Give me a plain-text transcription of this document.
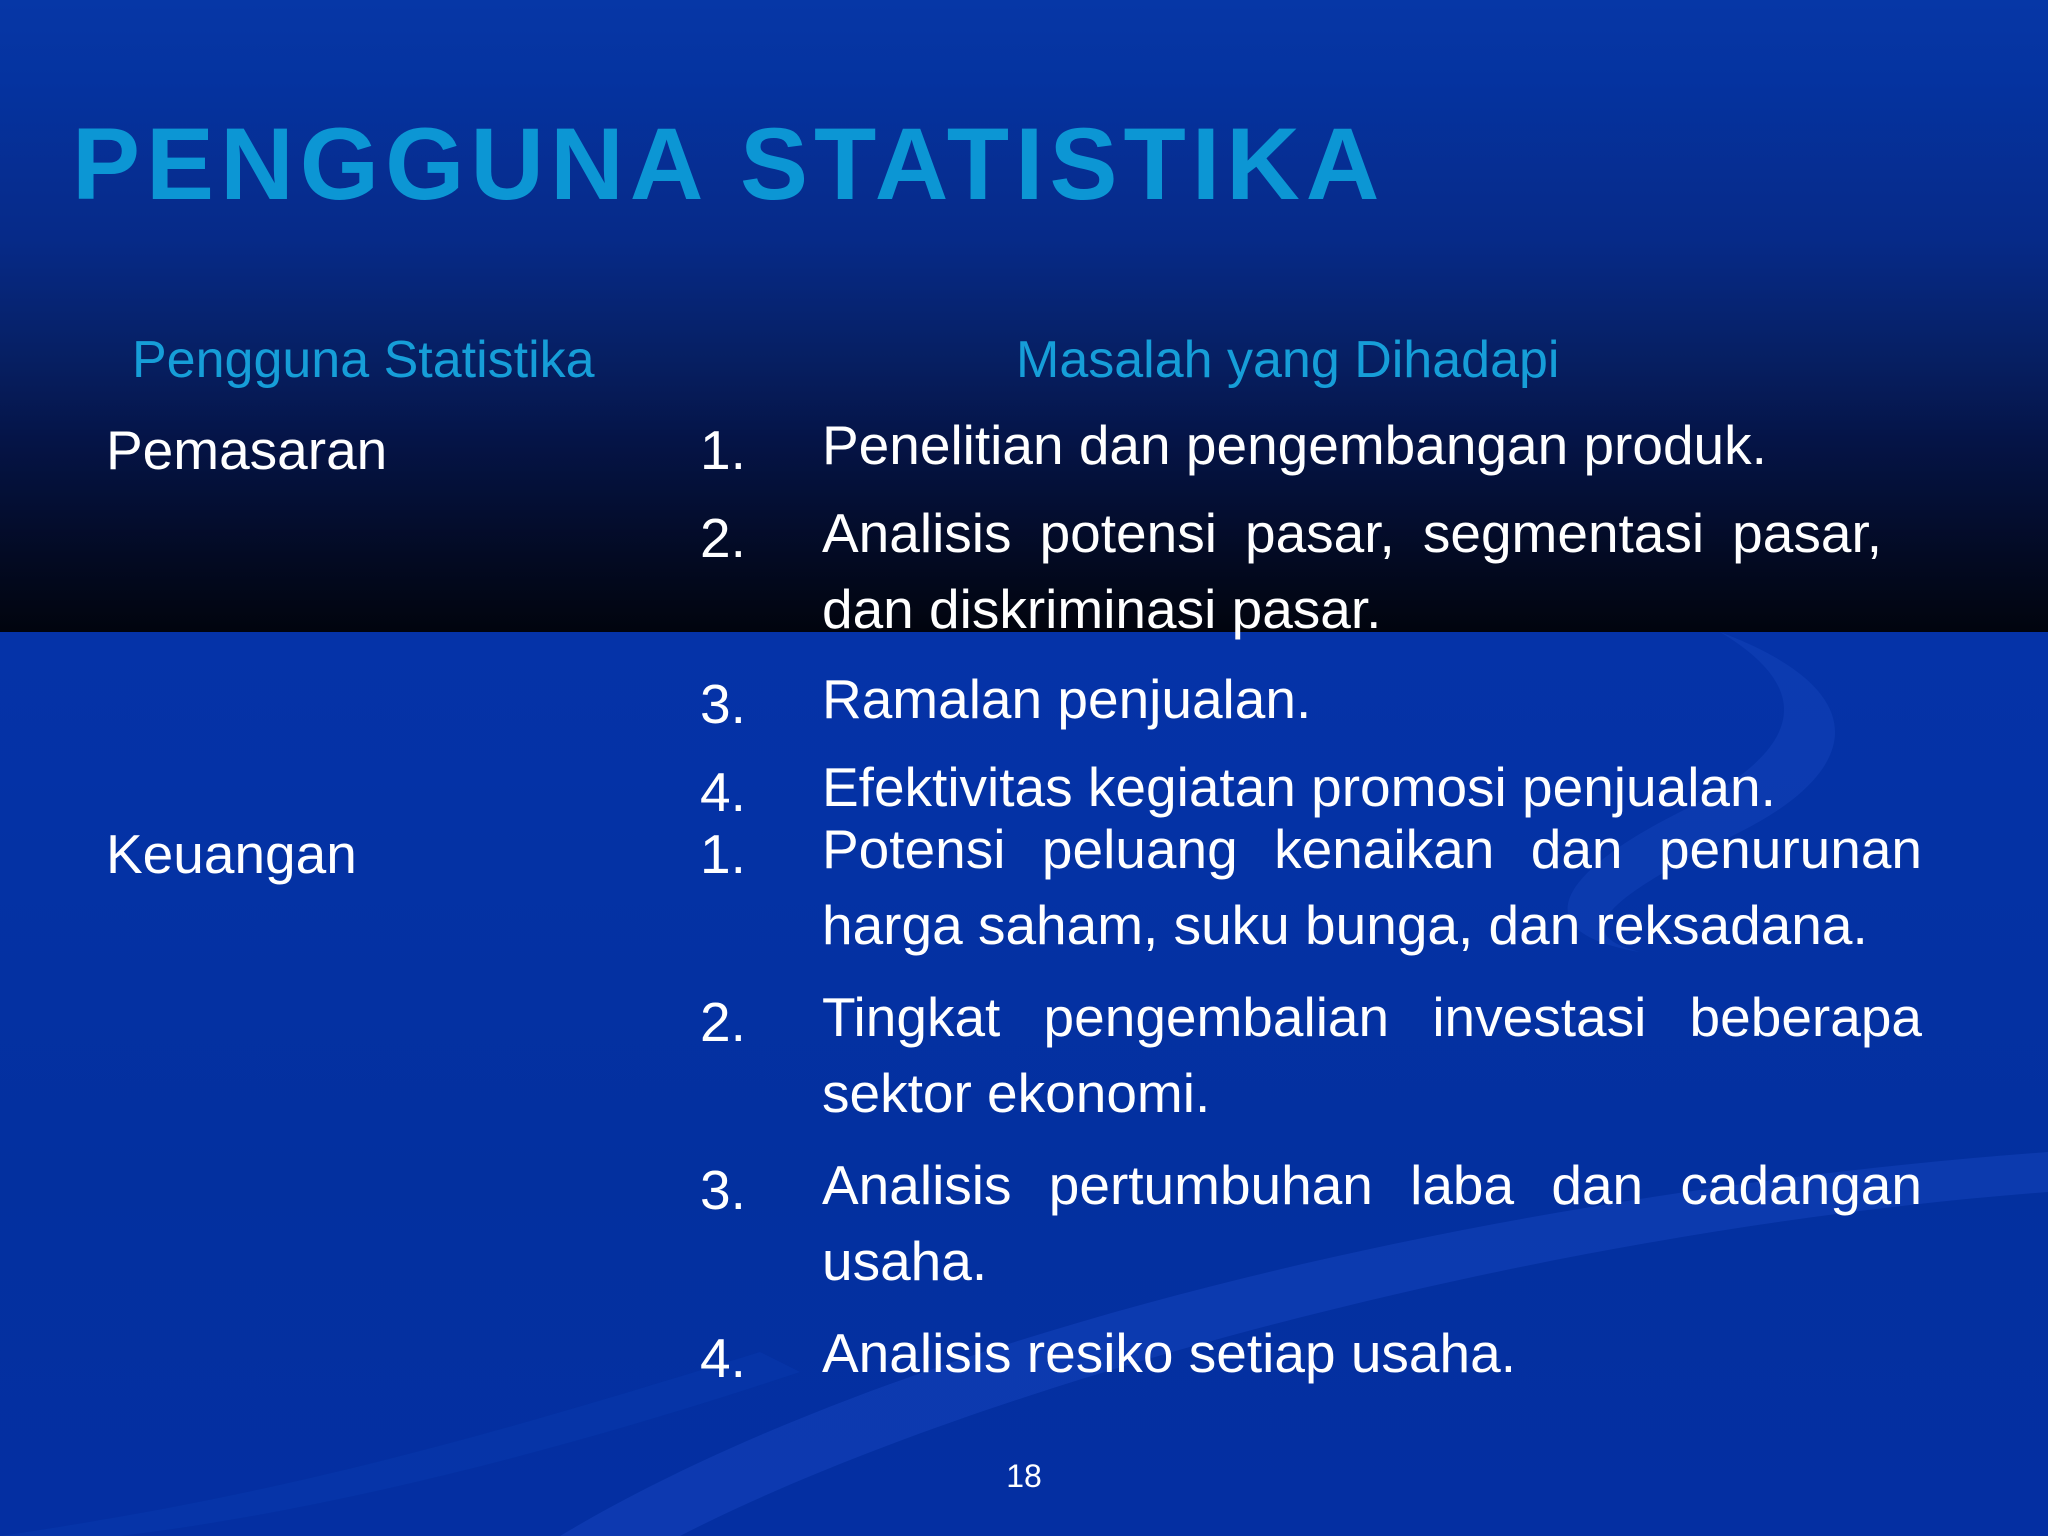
PENGGUNA STATISTIKA
Pengguna Statistika	Masalah yang Dihadapi
Pemasaran	1. Penelitian dan pengembangan produk.
2. Analisis potensi pasar, segmentasi pasar, dan diskriminasi pasar.
3. Ramalan penjualan.
4. Efektivitas kegiatan promosi penjualan.
Keuangan	1. Potensi peluang kenaikan dan penurunan harga saham, suku bunga, dan reksadana.
2. Tingkat pengembalian investasi beberapa sektor ekonomi.
3. Analisis pertumbuhan laba dan cadangan usaha.
4. Analisis resiko setiap usaha.
18
